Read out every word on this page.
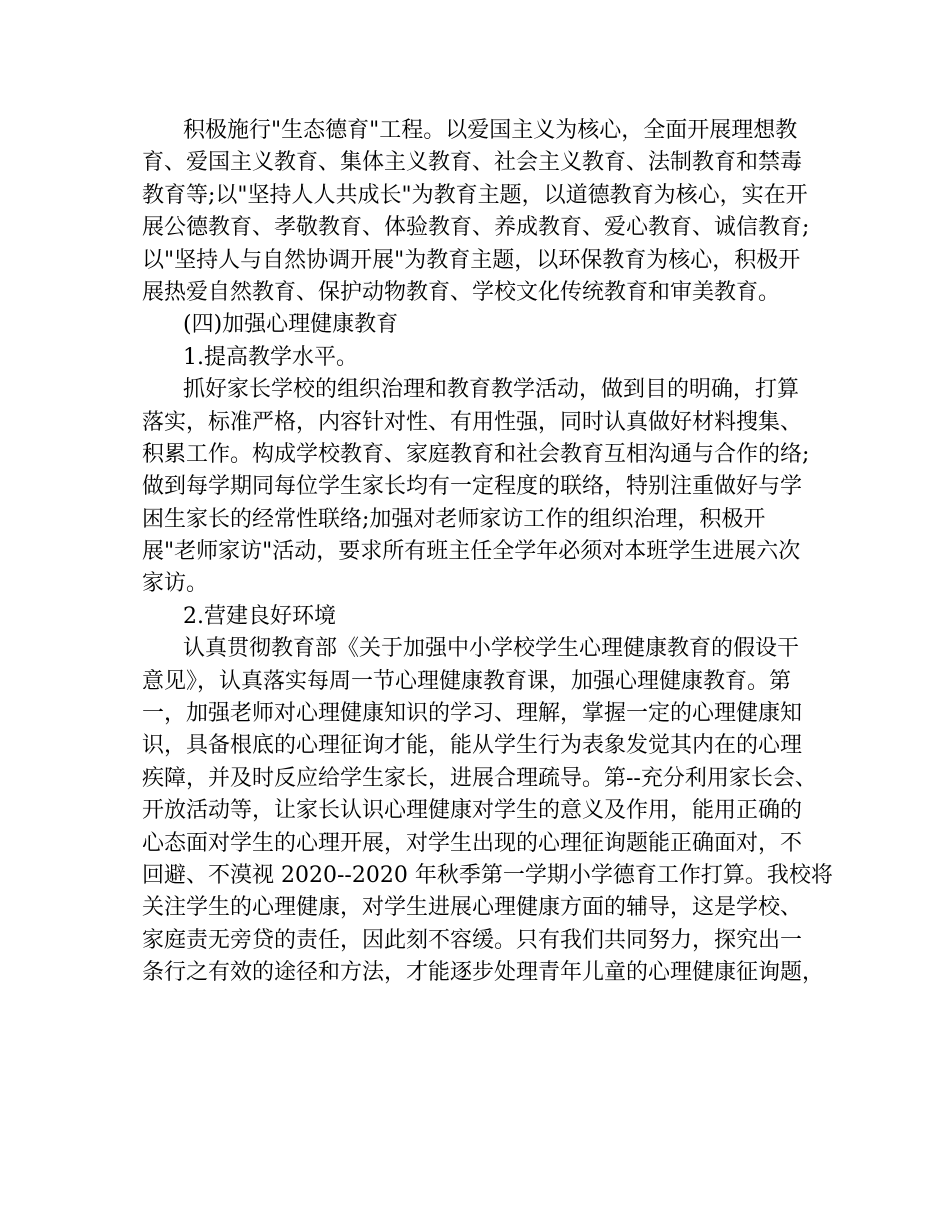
积极施行"生态德育"工程。以爱国主义为核心，全面开展理想教
育、爱国主义教育、集体主义教育、社会主义教育、法制教育和禁毒
教育等;以"坚持人人共成长"为教育主题，以道德教育为核心，实在开
展公德教育、孝敬教育、体验教育、养成教育、爱心教育、诚信教育;
以"坚持人与自然协调开展"为教育主题，以环保教育为核心，积极开
展热爱自然教育、保护动物教育、学校文化传统教育和审美教育。
(四)加强心理健康教育
1.提高教学水平。
抓好家长学校的组织治理和教育教学活动，做到目的明确，打算
落实，标准严格，内容针对性、有用性强，同时认真做好材料搜集、
积累工作。构成学校教育、家庭教育和社会教育互相沟通与合作的络;
做到每学期同每位学生家长均有一定程度的联络，特别注重做好与学
困生家长的经常性联络;加强对老师家访工作的组织治理，积极开
展"老师家访"活动，要求所有班主任全学年必须对本班学生进展六次
家访。
2.营建良好环境
认真贯彻教育部《关于加强中小学校学生心理健康教育的假设干
意见》，认真落实每周一节心理健康教育课，加强心理健康教育。第
一，加强老师对心理健康知识的学习、理解，掌握一定的心理健康知
识，具备根底的心理征询才能，能从学生行为表象发觉其内在的心理
疾障，并及时反应给学生家长，进展合理疏导。第--充分利用家长会、
开放活动等，让家长认识心理健康对学生的意义及作用，能用正确的
心态面对学生的心理开展，对学生出现的心理征询题能正确面对，不
回避、不漠视 2020--2020 年秋季第一学期小学德育工作打算。我校将
关注学生的心理健康，对学生进展心理健康方面的辅导，这是学校、
家庭责无旁贷的责任，因此刻不容缓。只有我们共同努力，探究出一
条行之有效的途径和方法，才能逐步处理青年儿童的心理健康征询题，
